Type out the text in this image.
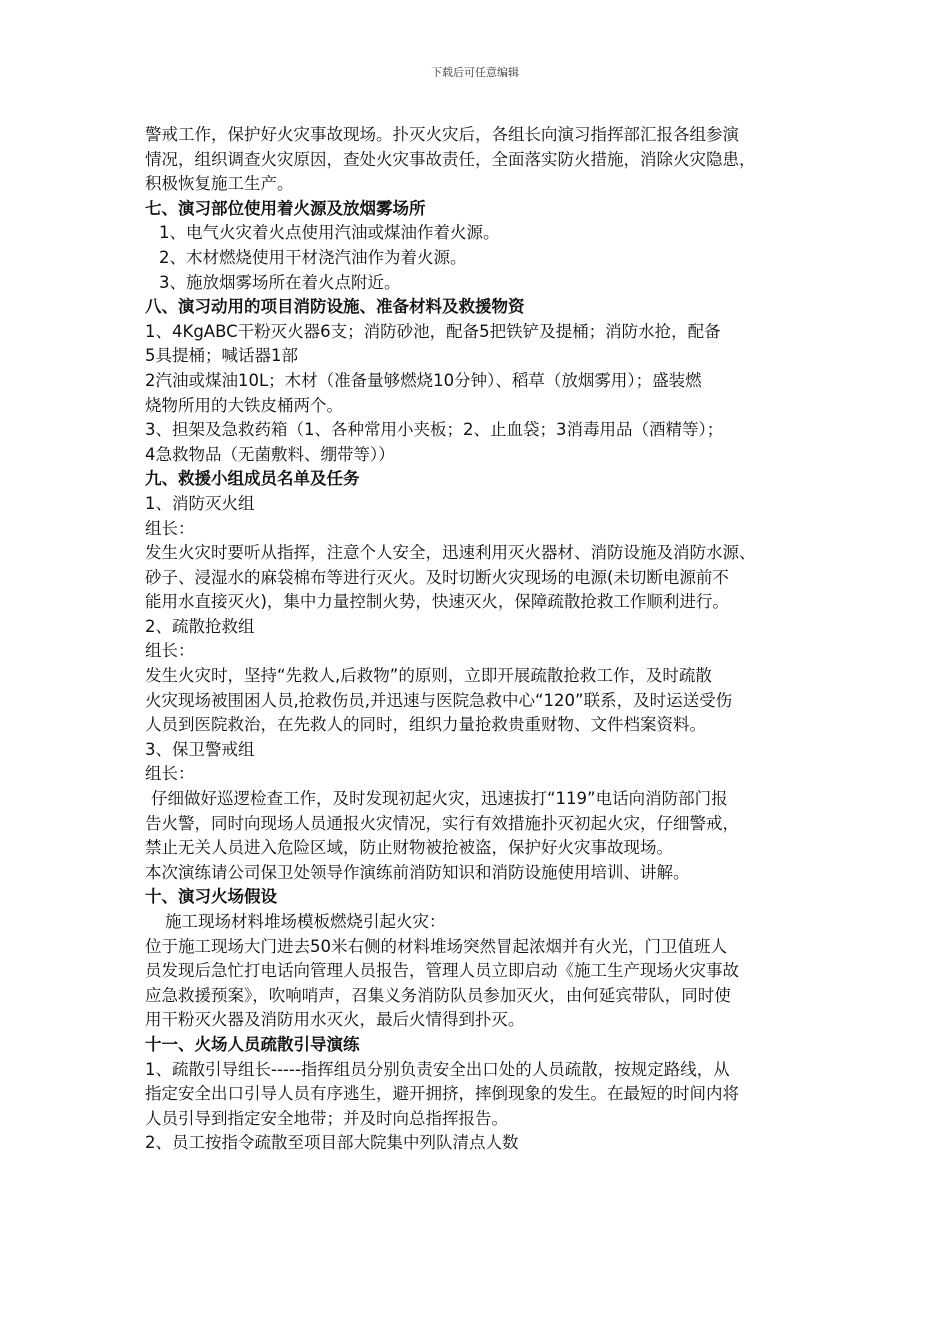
下载后可任意编辑
警戒工作，保护好火灾事故现场。扑灭火灾后，各组长向演习指挥部汇报各组参演
情况，组织调查火灾原因，查处火灾事故责任，全面落实防火措施，消除火灾隐患，
积极恢复施工生产。
七、演习部位使用着火源及放烟雾场所
1、电气火灾着火点使用汽油或煤油作着火源。
2、木材燃烧使用干材浇汽油作为着火源。
3、施放烟雾场所在着火点附近。
八、演习动用的项目消防设施、准备材料及救援物资
1、4KgABC干粉灭火器6支；消防砂池，配备5把铁铲及提桶；消防水抢，配备
5具提桶；喊话器1部
2汽油或煤油10L；木材（准备量够燃烧10分钟）、稻草（放烟雾用）；盛装燃
烧物所用的大铁皮桶两个。
3、担架及急救药箱（1、各种常用小夹板；2、止血袋；3消毒用品（酒精等）；
4急救物品（无菌敷料、绷带等））
九、救援小组成员名单及任务
1、消防灭火组
组长：
发生火灾时要听从指挥，注意个人安全，迅速利用灭火器材、消防设施及消防水源、
砂子、浸湿水的麻袋棉布等进行灭火。及时切断火灾现场的电源(未切断电源前不
能用水直接灭火)，集中力量控制火势，快速灭火，保障疏散抢救工作顺利进行。
2、疏散抢救组
组长：
发生火灾时，坚持“先救人,后救物”的原则，立即开展疏散抢救工作，及时疏散
火灾现场被围困人员,抢救伤员,并迅速与医院急救中心“120”联系，及时运送受伤
人员到医院救治，在先救人的同时，组织力量抢救贵重财物、文件档案资料。
3、保卫警戒组
组长：
仔细做好巡逻检查工作，及时发现初起火灾，迅速拔打“119”电话向消防部门报
告火警，同时向现场人员通报火灾情况，实行有效措施扑灭初起火灾，仔细警戒，
禁止无关人员进入危险区域，防止财物被抢被盗，保护好火灾事故现场。
本次演练请公司保卫处领导作演练前消防知识和消防设施使用培训、讲解。
十、演习火场假设
施工现场材料堆场模板燃烧引起火灾：
位于施工现场大门进去50米右侧的材料堆场突然冒起浓烟并有火光，门卫值班人
员发现后急忙打电话向管理人员报告，管理人员立即启动《施工生产现场火灾事故
应急救援预案》，吹响哨声，召集义务消防队员参加灭火，由何延宾带队，同时使
用干粉灭火器及消防用水灭火，最后火情得到扑灭。
十一、火场人员疏散引导演练
1、疏散引导组长-----指挥组员分别负责安全出口处的人员疏散，按规定路线，从
指定安全出口引导人员有序逃生，避开拥挤，摔倒现象的发生。在最短的时间内将
人员引导到指定安全地带；并及时向总指挥报告。
2、员工按指令疏散至项目部大院集中列队清点人数
